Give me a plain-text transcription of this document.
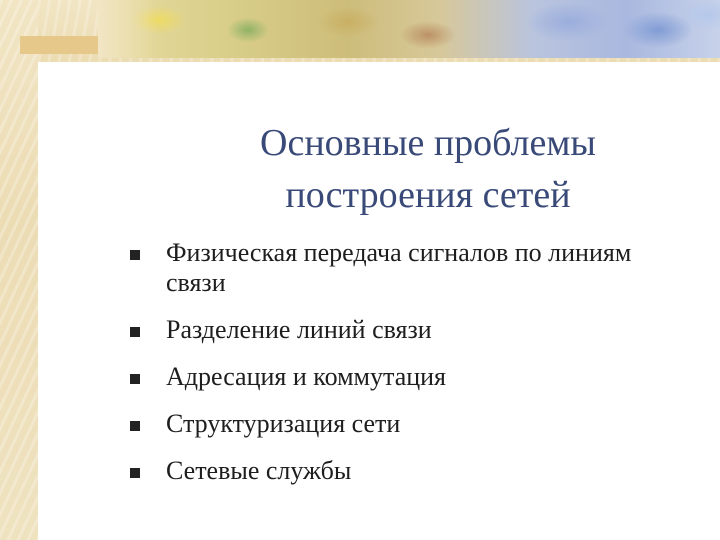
Основные проблемы построения сетей
Физическая передача сигналов по линиям связи
Разделение линий связи
Адресация и коммутация
Структуризация сети
Сетевые службы
